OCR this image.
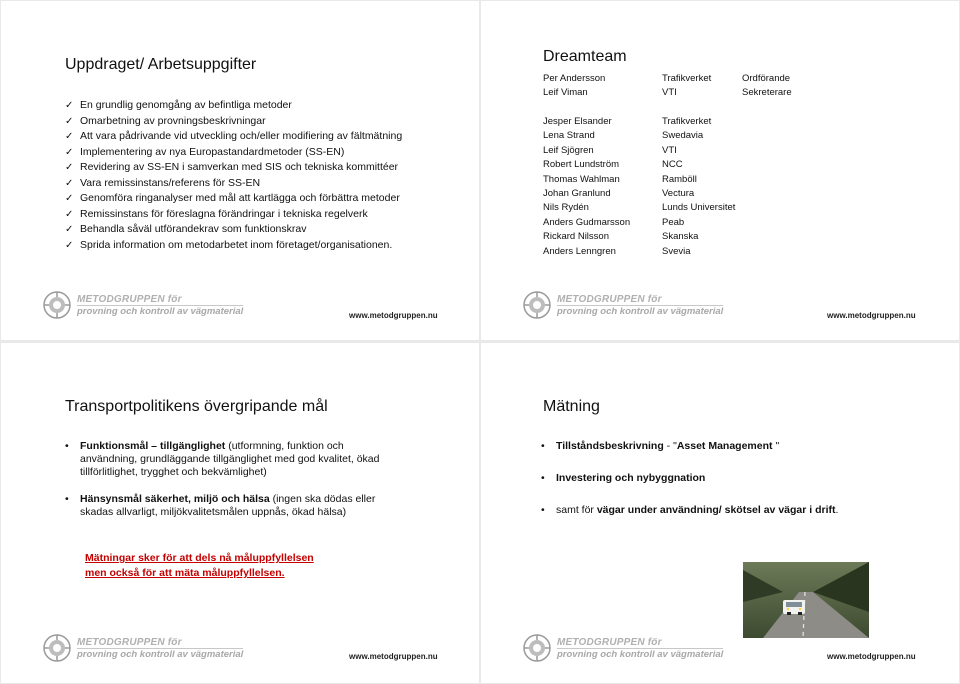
Uppdraget/ Arbetsuppgifter
✓ En grundlig genomgång av befintliga metoder
✓ Omarbetning av provningsbeskrivningar
✓ Att vara pådrivande vid utveckling och/eller modifiering av fältmätning
✓ Implementering av nya Europastandardmetoder (SS-EN)
✓ Revidering av SS-EN i samverkan med SIS och tekniska kommittéer
✓ Vara remissinstans/referens för SS-EN
✓ Genomföra ringanalyser med mål att kartlägga och förbättra metoder
✓ Remissinstans för föreslagna förändringar i tekniska regelverk
✓ Behandla såväl utförandekrav som funktionskrav
✓ Sprida information om metodarbetet inom företaget/organisationen.
METODGRUPPEN för
provning och kontroll av vägmaterial	www.metodgruppen.nu
Dreamteam
Per Andersson	Trafikverket	Ordförande
Leif Viman	VTI	Sekreterare
Jesper Elsander	Trafikverket
Lena Strand	Swedavia
Leif Sjögren	VTI
Robert Lundström	NCC
Thomas Wahlman	Ramböll
Johan Granlund	Vectura
Nils Rydén	Lunds Universitet
Anders Gudmarsson	Peab
Rickard Nilsson	Skanska
Anders Lenngren	Svevia
METODGRUPPEN för
provning och kontroll av vägmaterial	www.metodgruppen.nu
Transportpolitikens övergripande mål
• Funktionsmål – tillgänglighet (utformning, funktion och användning, grundläggande tillgänglighet med god kvalitet, ökad tillförlitlighet, trygghet och bekvämlighet)
• Hänsynsmål säkerhet, miljö och hälsa (ingen ska dödas eller skadas allvarligt, miljökvalitetsmålen uppnås, ökad hälsa)
Mätningar sker för att dels nå måluppfyllelsen
men också för att mäta måluppfyllelsen.
METODGRUPPEN för
provning och kontroll av vägmaterial	www.metodgruppen.nu
Mätning
• Tillståndsbeskrivning - "Asset Management "
• Investering och nybyggnation
• samt för vägar under användning/ skötsel av vägar i drift.
METODGRUPPEN för
provning och kontroll av vägmaterial	www.metodgruppen.nu
